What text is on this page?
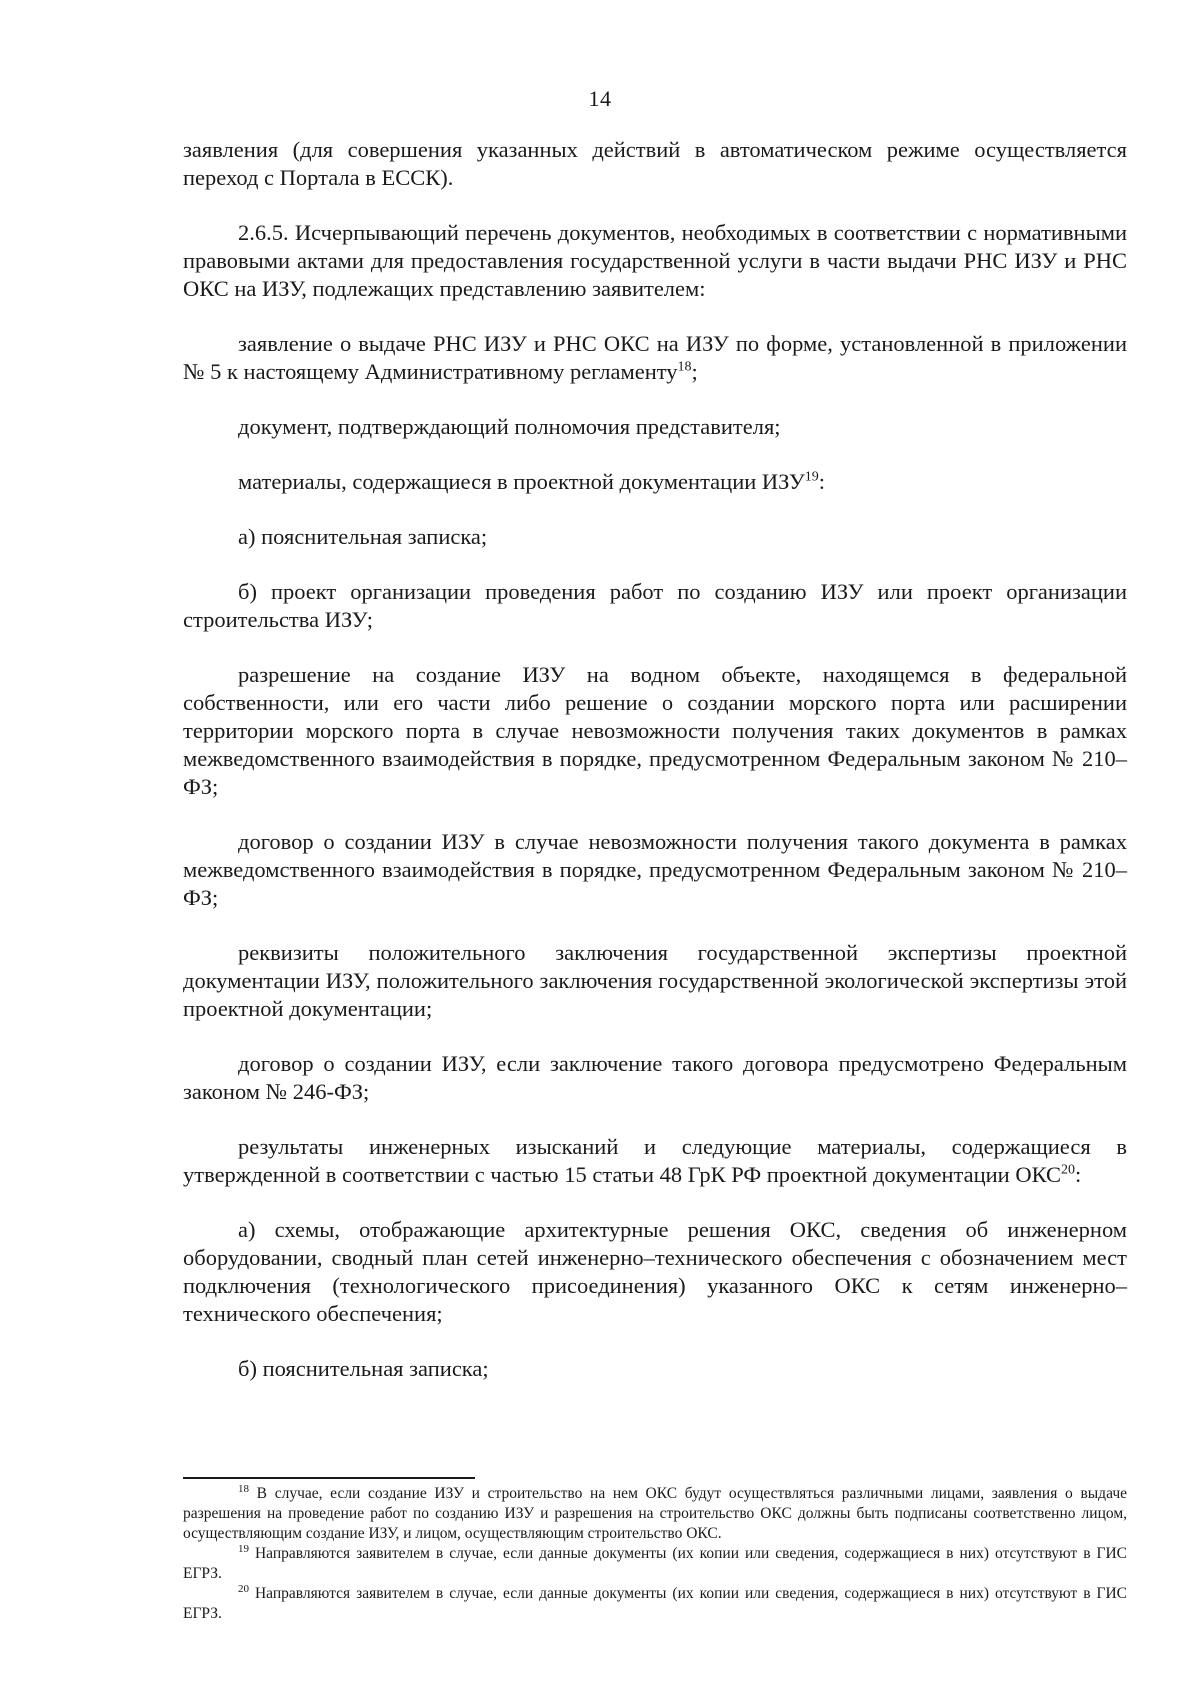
14

заявления (для совершения указанных действий в автоматическом режиме осуществляется переход с Портала в ЕССК).

2.6.5. Исчерпывающий перечень документов, необходимых в соответствии с нормативными правовыми актами для предоставления государственной услуги в части выдачи РНС ИЗУ и РНС ОКС на ИЗУ, подлежащих представлению заявителем:

заявление о выдаче РНС ИЗУ и РНС ОКС на ИЗУ по форме, установленной в приложении № 5 к настоящему Административному регламенту$^{18}$;

документ, подтверждающий полномочия представителя;

материалы, содержащиеся в проектной документации ИЗУ$^{19}$:

а) пояснительная записка;

б) проект организации проведения работ по созданию ИЗУ или проект организации строительства ИЗУ;

разрешение на создание ИЗУ на водном объекте, находящемся в федеральной собственности, или его части либо решение о создании морского порта или расширении территории морского порта в случае невозможности получения таких документов в рамках межведомственного взаимодействия в порядке, предусмотренном Федеральным законом № 210–ФЗ;

договор о создании ИЗУ в случае невозможности получения такого документа в рамках межведомственного взаимодействия в порядке, предусмотренном Федеральным законом № 210–ФЗ;

реквизиты положительного заключения государственной экспертизы проектной документации ИЗУ, положительного заключения государственной экологической экспертизы этой проектной документации;

договор о создании ИЗУ, если заключение такого договора предусмотрено Федеральным законом № 246-ФЗ;

результаты инженерных изысканий и следующие материалы, содержащиеся в утвержденной в соответствии с частью 15 статьи 48 ГрК РФ проектной документации ОКС$^{20}$:

а) схемы, отображающие архитектурные решения ОКС, сведения об инженерном оборудовании, сводный план сетей инженерно–технического обеспечения с обозначением мест подключения (технологического присоединения) указанного ОКС к сетям инженерно–технического обеспечения;

б) пояснительная записка;

$^{18}$ В случае, если создание ИЗУ и строительство на нем ОКС будут осуществляться различными лицами, заявления о выдаче разрешения на проведение работ по созданию ИЗУ и разрешения на строительство ОКС должны быть подписаны соответственно лицом, осуществляющим создание ИЗУ, и лицом, осуществляющим строительство ОКС.

$^{19}$ Направляются заявителем в случае, если данные документы (их копии или сведения, содержащиеся в них) отсутствуют в ГИС ЕГРЗ.

$^{20}$ Направляются заявителем в случае, если данные документы (их копии или сведения, содержащиеся в них) отсутствуют в ГИС ЕГРЗ.
